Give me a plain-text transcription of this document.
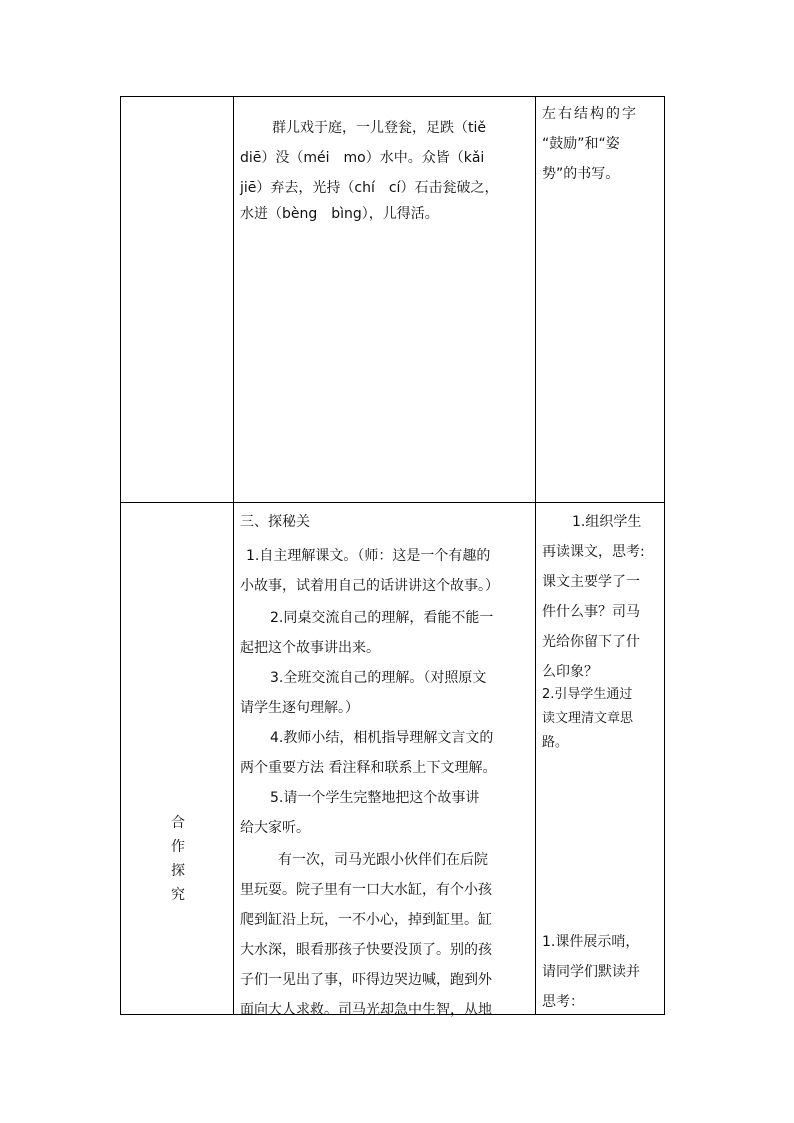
群儿戏于庭，一儿登瓮，足跌（tiě
diē）没（méi　mo）水中。众皆（kǎi
jiē）弃去，光持（chí　cí）石击瓮破之，
水迸（bèng　bìng），儿得活。
左右结构的字
“鼓励”和“姿
势”的书写。
合
作
探
究
三、探秘关
1.自主理解课文。（师：这是一个有趣的
小故事，试着用自己的话讲讲这个故事。）
2.同桌交流自己的理解，看能不能一
起把这个故事讲出来。
3.全班交流自己的理解。（对照原文
请学生逐句理解。）
4.教师小结，相机指导理解文言文的
两个重要方法 看注释和联系上下文理解。
5.请一个学生完整地把这个故事讲
给大家听。
有一次，司马光跟小伙伴们在后院
里玩耍。院子里有一口大水缸，有个小孩
爬到缸沿上玩，一不小心，掉到缸里。缸
大水深，眼看那孩子快要没顶了。别的孩
子们一见出了事，吓得边哭边喊，跑到外
面向大人求救。司马光却急中生智，从地
1.组织学生
再读课文，思考:
课文主要学了一
件什么事？司马
光给你留下了什
么印象？
2.引导学生通过
读文理清文章思
路。
1.课件展示哨，
请同学们默读并
思考：
